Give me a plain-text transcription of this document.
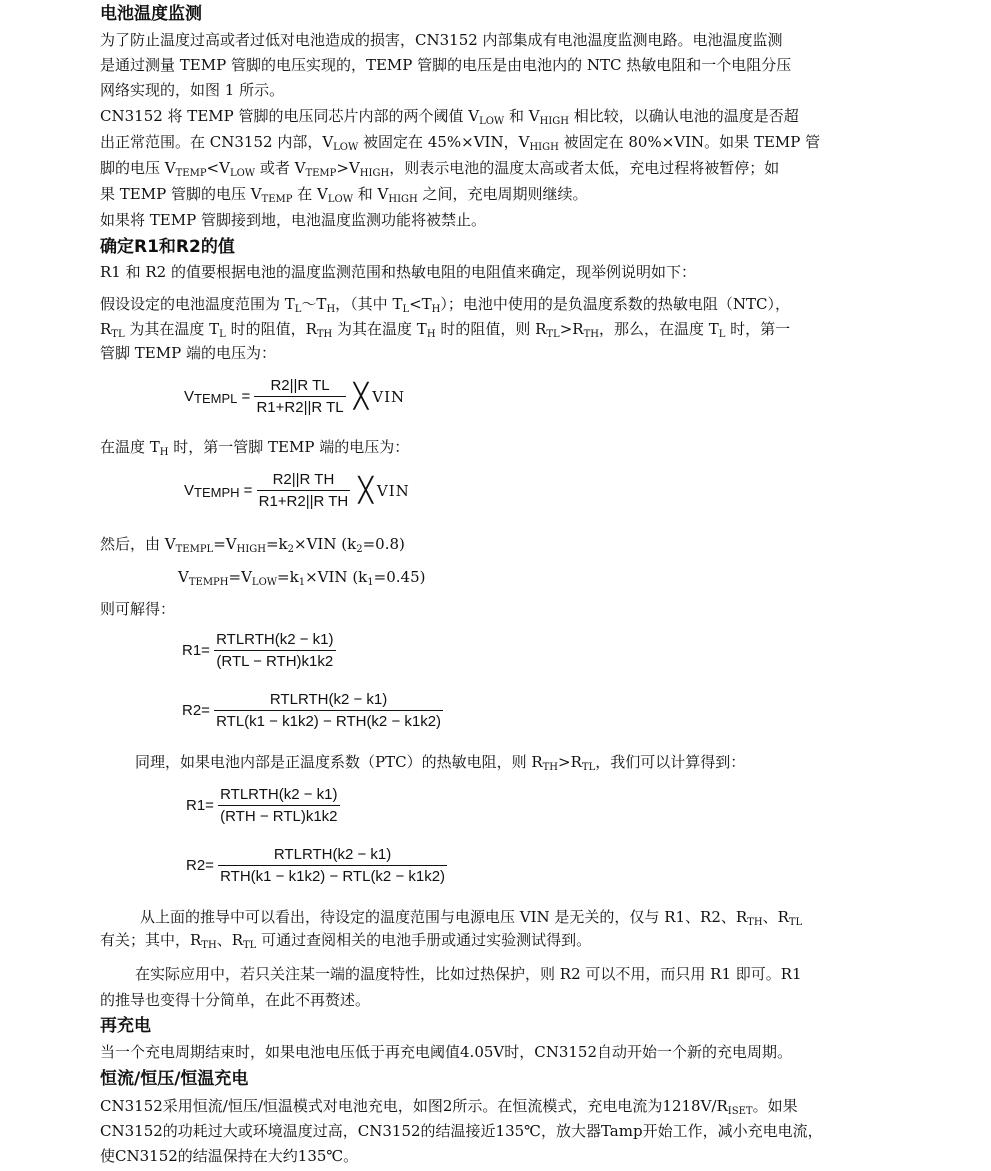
电池温度监测
为了防止温度过高或者过低对电池造成的损害，CN3152 内部集成有电池温度监测电路。电池温度监测
是通过测量 TEMP 管脚的电压实现的，TEMP 管脚的电压是由电池内的 NTC 热敏电阻和一个电阻分压
网络实现的，如图 1 所示。
CN3152 将 TEMP 管脚的电压同芯片内部的两个阈值 $V_{LOW}$ 和 $V_{HIGH}$ 相比较，以确认电池的温度是否超
出正常范围。在 CN3152 内部，$V_{LOW}$ 被固定在 45%×VIN，$V_{HIGH}$ 被固定在 80%×VIN。如果 TEMP 管
脚的电压 $V_{TEMP}<V_{LOW}$ 或者 $V_{TEMP}>V_{HIGH}$，则表示电池的温度太高或者太低，充电过程将被暂停；如
果 TEMP 管脚的电压 $V_{TEMP}$ 在 $V_{LOW}$ 和 $V_{HIGH}$ 之间，充电周期则继续。
如果将 TEMP 管脚接到地，电池温度监测功能将被禁止。
确定R1和R2的值
R1 和 R2 的值要根据电池的温度监测范围和热敏电阻的电阻值来确定，现举例说明如下：
假设设定的电池温度范围为 $T_L\sim T_H$，（其中 $T_L<T_H$）；电池中使用的是负温度系数的热敏电阻（NTC），
$R_{TL}$ 为其在温度 $T_L$ 时的阻值，$R_{TH}$ 为其在温度 $T_H$ 时的阻值，则 $R_{TL}>R_{TH}$，那么，在温度 $T_L$ 时，第一
管脚 TEMP 端的电压为：
$V_{TEMPL} = \frac{\text{R2||R TL}}{\text{R1+R2||R TL}}$ ╳ VIN
在温度 $T_H$ 时，第一管脚 TEMP 端的电压为：
$V_{TEMPH} = \frac{\text{R2||R TH}}{\text{R1+R2||R TH}}$ ╳ VIN
然后，由 $V_{TEMPL}=V_{HIGH}=k_2\times VIN$ $(k_2=0.8)$
$V_{TEMPH}=V_{LOW}=k_1\times VIN$ $(k_1=0.45)$
则可解得：
$R1= \frac{\text{RTLRTH(k2 − k1)}}{\text{(RTL − RTH)k1k2}}$
$R2= \frac{\text{RTLRTH(k2 − k1)}}{\text{RTL(k1 − k1k2) − RTH(k2 − k1k2)}}$
同理，如果电池内部是正温度系数（PTC）的热敏电阻，则 $R_{TH}>R_{TL}$，我们可以计算得到：
$R1= \frac{\text{RTLRTH(k2 − k1)}}{\text{(RTH − RTL)k1k2}}$
$R2= \frac{\text{RTLRTH(k2 − k1)}}{\text{RTH(k1 − k1k2) − RTL(k2 − k1k2)}}$
从上面的推导中可以看出，待设定的温度范围与电源电压 VIN 是无关的，仅与 R1、R2、$R_{TH}$、$R_{TL}$
有关；其中，$R_{TH}$、$R_{TL}$ 可通过查阅相关的电池手册或通过实验测试得到。
在实际应用中，若只关注某一端的温度特性，比如过热保护，则 R2 可以不用，而只用 R1 即可。R1
的推导也变得十分简单，在此不再赘述。
再充电
当一个充电周期结束时，如果电池电压低于再充电阈值4.05V时，CN3152自动开始一个新的充电周期。
恒流/恒压/恒温充电
CN3152采用恒流/恒压/恒温模式对电池充电，如图2所示。在恒流模式，充电电流为$1218V/R_{ISET}$。如果
CN3152的功耗过大或环境温度过高，CN3152的结温接近135℃，放大器Tamp开始工作，减小充电电流，
使CN3152的结温保持在大约135℃。
